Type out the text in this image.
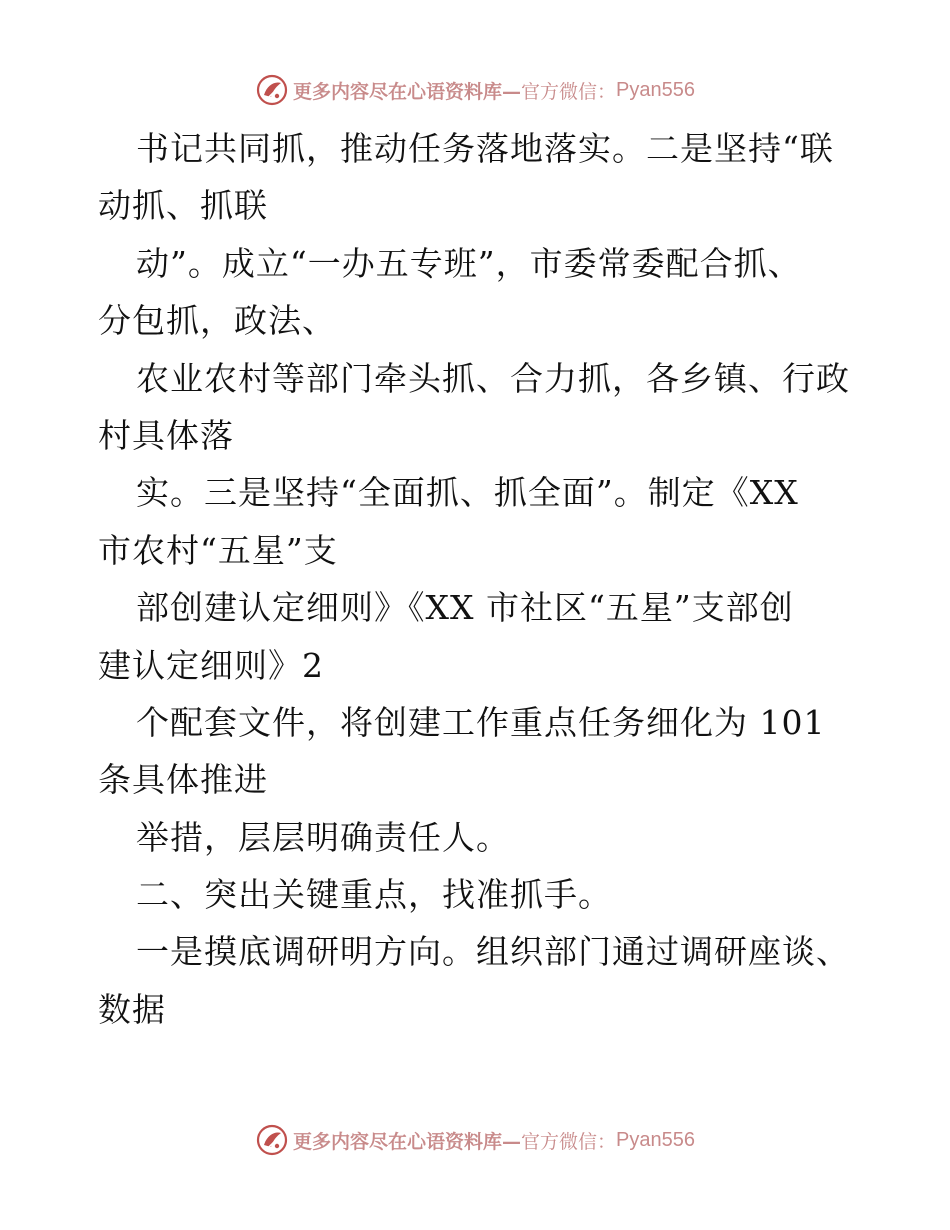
更多内容尽在心语资料库— 官方微信： Pyan556
书记共同抓，推动任务落地落实。二是坚持“联
动抓、抓联
动”。成立“一办五专班”，市委常委配合抓、
分包抓，政法、
农业农村等部门牵头抓、合力抓，各乡镇、行政
村具体落
实。三是坚持“全面抓、抓全面”。制定《XX
市农村“五星”支
部创建认定细则》《XX 市社区“五星”支部创
建认定细则》2
个配套文件，将创建工作重点任务细化为 101
条具体推进
举措，层层明确责任人。
二、突出关键重点，找准抓手。
一是摸底调研明方向。组织部门通过调研座谈、
数据
更多内容尽在心语资料库— 官方微信： Pyan556
